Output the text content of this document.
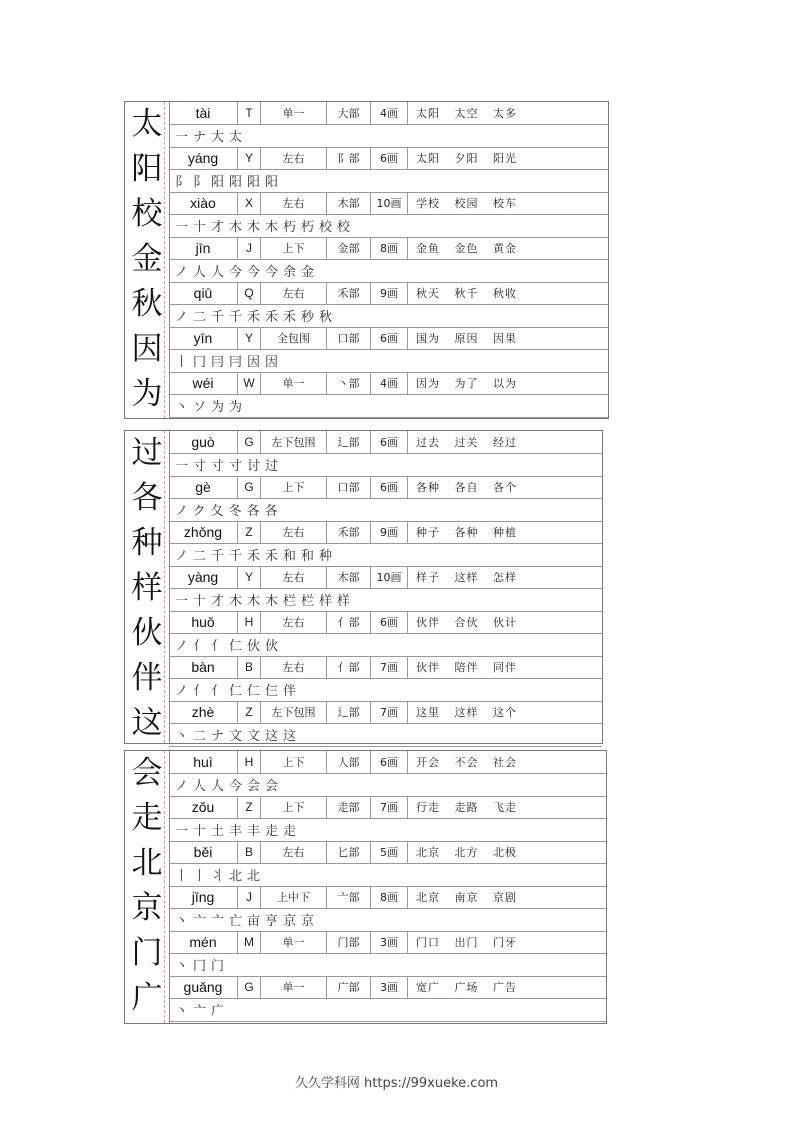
太	tài	T	单一	大部	4画	太阳 太空 太多
一ナ大太
阳	yáng	Y	左右	阝部	6画	太阳 夕阳 阳光
阝阝阳阳阳阳
校	xiào	X	左右	木部	10画	学校 校园 校车
一十才木木木朽朽校校
金	jīn	J	上下	金部	8画	金鱼 金色 黄金
ノ人人今今今余金
秋	qiū	Q	左右	禾部	9画	秋天 秋千 秋收
ノ二千千禾禾禾秒秋
因	yīn	Y	全包围	口部	6画	国为 原因 因果
丨冂冃冃因因
为	wéi	W	单一	丶部	4画	因为 为了 以为
丶ソ为为
过	guò	G	左下包围	辶部	6画	过去 过关 经过
一寸寸寸讨过
各	gè	G	上下	口部	6画	各种 各自 各个
ノク夂冬各各
种	zhǒng	Z	左右	禾部	9画	种子 各种 种植
ノ二千千禾禾和和种
样	yàng	Y	左右	木部	10画	样子 这样 怎样
一十才木木木栏栏样样
伙	huǒ	H	左右	亻部	6画	伙伴 合伙 伙计
ノ亻亻仁伙伙
伴	bàn	B	左右	亻部	7画	伙伴 陪伴 同伴
ノ亻亻仁仁仨伴
这	zhè	Z	左下包围	辶部	7画	这里 这样 这个
丶二ナ文文这这
会	huì	H	上下	人部	6画	开会 不会 社会
ノ人人今会会
走	zǒu	Z	上下	走部	7画	行走 走路 飞走
一十土丰丰走走
北	běi	B	左右	匕部	5画	北京 北方 北极
丨丨丬北北
京	jīng	J	上中下	亠部	8画	北京 南京 京剧
丶亠亠亡亩亨京京
门	mén	M	单一	门部	3画	门口 出门 门牙
丶冂门
广	guǎng	G	单一	广部	3画	宽广 广场 广告
丶亠广
久久学科网 https://99xueke.com
